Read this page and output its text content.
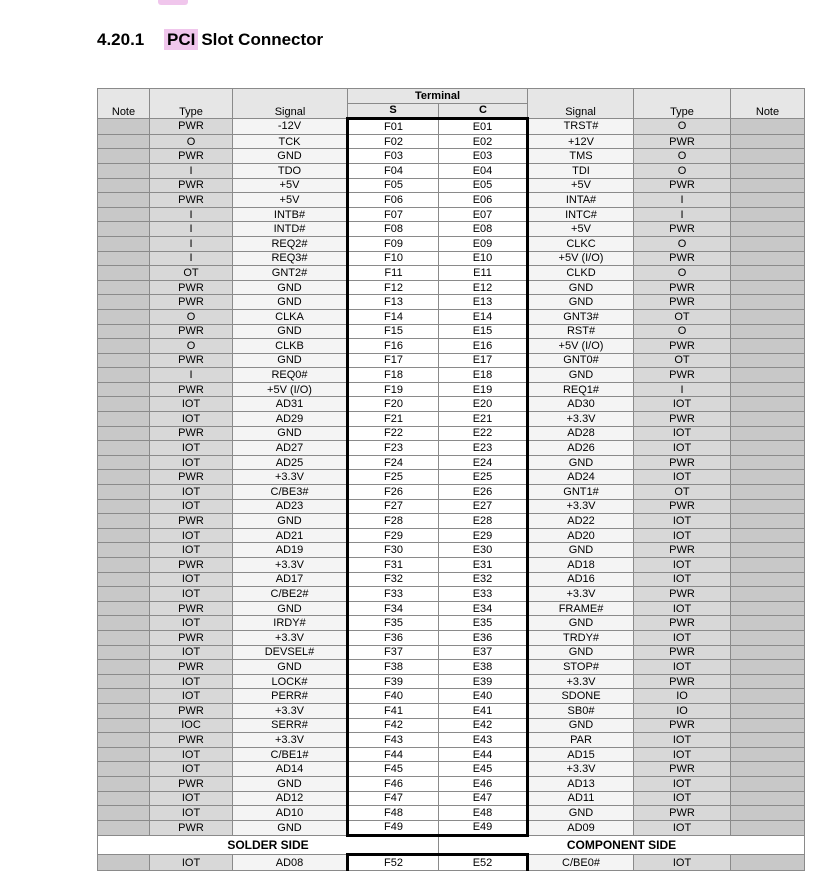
4.20.1 PCI Slot Connector
Note	Type	Signal	Terminal		Signal	Type	Note
			S	C			
	PWR	-12V	F01	E01	TRST#	O	
	O	TCK	F02	E02	+12V	PWR	
	PWR	GND	F03	E03	TMS	O	
	I	TDO	F04	E04	TDI	O	
	PWR	+5V	F05	E05	+5V	PWR	
	PWR	+5V	F06	E06	INTA#	I	
	I	INTB#	F07	E07	INTC#	I	
	I	INTD#	F08	E08	+5V	PWR	
	I	REQ2#	F09	E09	CLKC	O	
	I	REQ3#	F10	E10	+5V (I/O)	PWR	
	OT	GNT2#	F11	E11	CLKD	O	
	PWR	GND	F12	E12	GND	PWR	
	PWR	GND	F13	E13	GND	PWR	
	O	CLKA	F14	E14	GNT3#	OT	
	PWR	GND	F15	E15	RST#	O	
	O	CLKB	F16	E16	+5V (I/O)	PWR	
	PWR	GND	F17	E17	GNT0#	OT	
	I	REQ0#	F18	E18	GND	PWR	
	PWR	+5V (I/O)	F19	E19	REQ1#	I	
	IOT	AD31	F20	E20	AD30	IOT	
	IOT	AD29	F21	E21	+3.3V	PWR	
	PWR	GND	F22	E22	AD28	IOT	
	IOT	AD27	F23	E23	AD26	IOT	
	IOT	AD25	F24	E24	GND	PWR	
	PWR	+3.3V	F25	E25	AD24	IOT	
	IOT	C/BE3#	F26	E26	GNT1#	OT	
	IOT	AD23	F27	E27	+3.3V	PWR	
	PWR	GND	F28	E28	AD22	IOT	
	IOT	AD21	F29	E29	AD20	IOT	
	IOT	AD19	F30	E30	GND	PWR	
	PWR	+3.3V	F31	E31	AD18	IOT	
	IOT	AD17	F32	E32	AD16	IOT	
	IOT	C/BE2#	F33	E33	+3.3V	PWR	
	PWR	GND	F34	E34	FRAME#	IOT	
	IOT	IRDY#	F35	E35	GND	PWR	
	PWR	+3.3V	F36	E36	TRDY#	IOT	
	IOT	DEVSEL#	F37	E37	GND	PWR	
	PWR	GND	F38	E38	STOP#	IOT	
	IOT	LOCK#	F39	E39	+3.3V	PWR	
	IOT	PERR#	F40	E40	SDONE	IO	
	PWR	+3.3V	F41	E41	SB0#	IO	
	IOC	SERR#	F42	E42	GND	PWR	
	PWR	+3.3V	F43	E43	PAR	IOT	
	IOT	C/BE1#	F44	E44	AD15	IOT	
	IOT	AD14	F45	E45	+3.3V	PWR	
	PWR	GND	F46	E46	AD13	IOT	
	IOT	AD12	F47	E47	AD11	IOT	
	IOT	AD10	F48	E48	GND	PWR	
	PWR	GND	F49	E49	AD09	IOT	
SOLDER SIDE				COMPONENT SIDE			
	IOT	AD08	F52	E52	C/BE0#	IOT	
